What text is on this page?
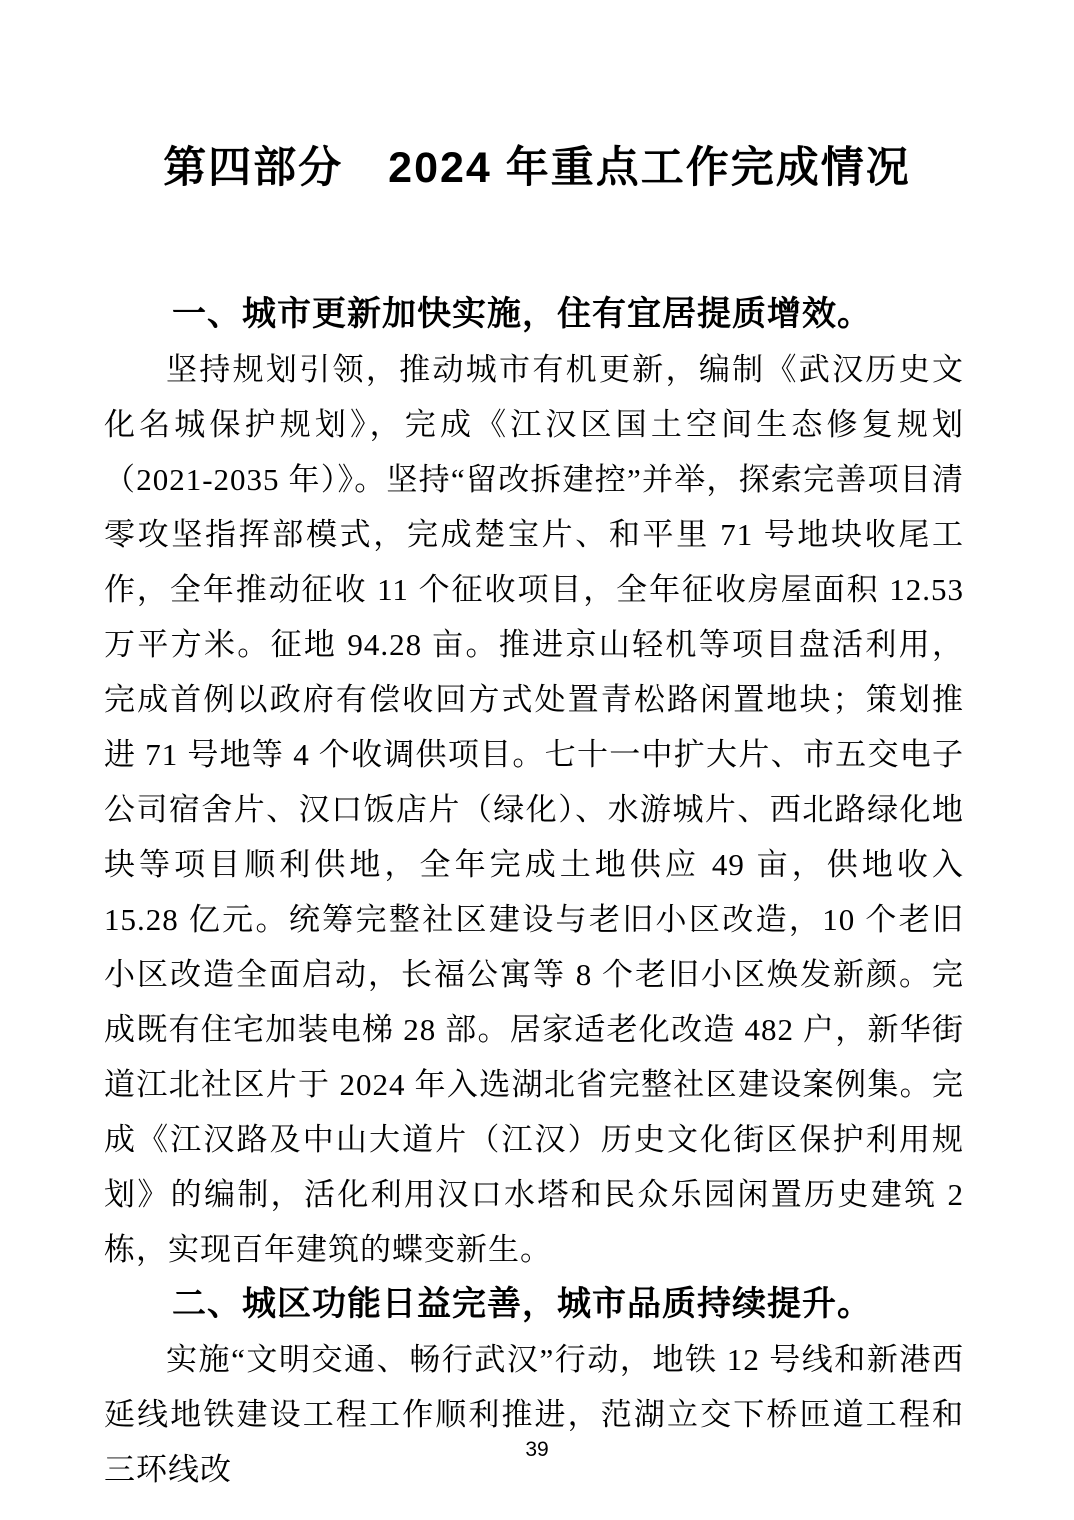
第四部分　2024 年重点工作完成情况
一、城市更新加快实施，住有宜居提质增效。

坚持规划引领，推动城市有机更新，编制《武汉历史文化名城保护规划》，完成《江汉区国土空间生态修复规划（2021-2035 年）》。坚持“留改拆建控”并举，探索完善项目清零攻坚指挥部模式，完成楚宝片、和平里 71 号地块收尾工作，全年推动征收 11 个征收项目，全年征收房屋面积 12.53 万平方米。征地 94.28 亩。推进京山轻机等项目盘活利用，完成首例以政府有偿收回方式处置青松路闲置地块；策划推进 71 号地等 4 个收调供项目。七十一中扩大片、市五交电子公司宿舍片、汉口饭店片（绿化）、水游城片、西北路绿化地块等项目顺利供地，全年完成土地供应 49 亩，供地收入 15.28 亿元。统筹完整社区建设与老旧小区改造，10 个老旧小区改造全面启动，长福公寓等 8 个老旧小区焕发新颜。完成既有住宅加装电梯 28 部。居家适老化改造 482 户，新华街道江北社区片于 2024 年入选湖北省完整社区建设案例集。完成《江汉路及中山大道片（江汉）历史文化街区保护利用规划》的编制，活化利用汉口水塔和民众乐园闲置历史建筑 2 栋，实现百年建筑的蝶变新生。

二、城区功能日益完善，城市品质持续提升。

实施“文明交通、畅行武汉”行动，地铁 12 号线和新港西延线地铁建设工程工作顺利推进，范湖立交下桥匝道工程和三环线改

39
